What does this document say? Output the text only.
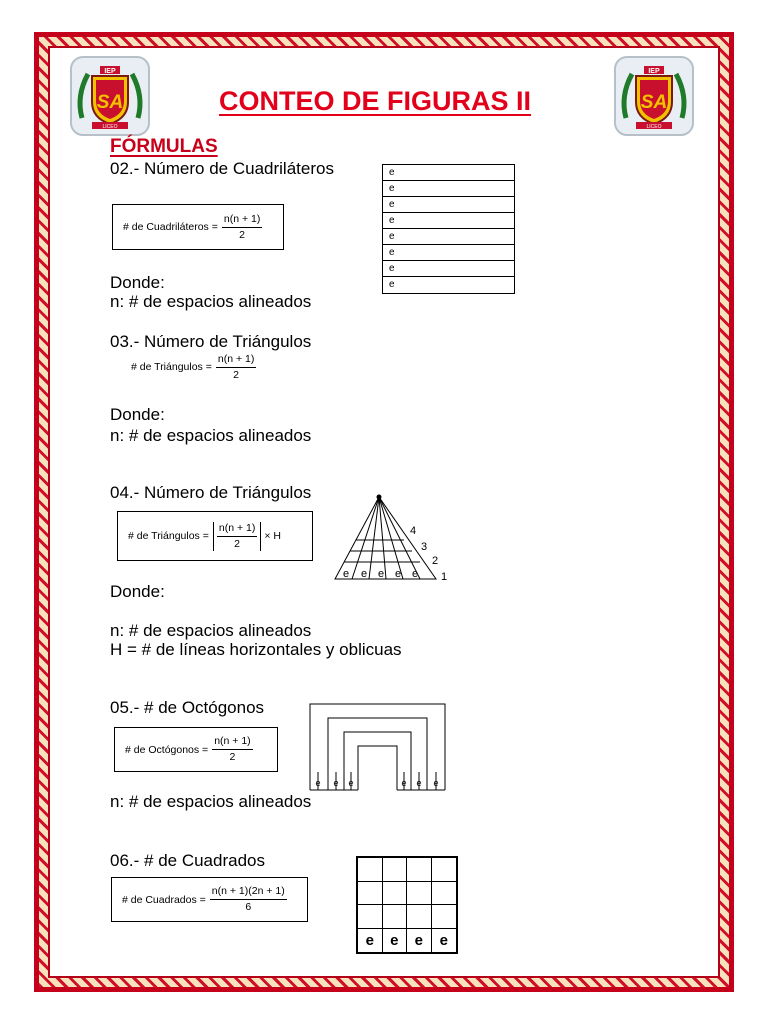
IEP
SA
LICEO
IEP
SA
LICEO
CONTEO DE FIGURAS II
FÓRMULAS
02.- Número de Cuadriláteros
# de Cuadriláteros = $\frac{n(n + 1)}{2}$
Donde:
n: # de espacios alineados
e
e
e
e
e
e
e
e
03.- Número de Triángulos
# de Triángulos = $\frac{n(n + 1)}{2}$
Donde:
n: # de espacios alineados
04.- Número de Triángulos
# de Triángulos = $\frac{n(n + 1)}{2} \times H$
e e e e e
4
3
2
1
Donde:
n: # de espacios alineados
H = # de líneas horizontales y oblicuas
05.- # de Octógonos
# de Octógonos = $\frac{n(n + 1)}{2}$
e e e	e e e
n: # de espacios alineados
06.- # de Cuadrados
# de Cuadrados = $\frac{n(n + 1)(2n + 1)}{6}$
e	e	e	e
